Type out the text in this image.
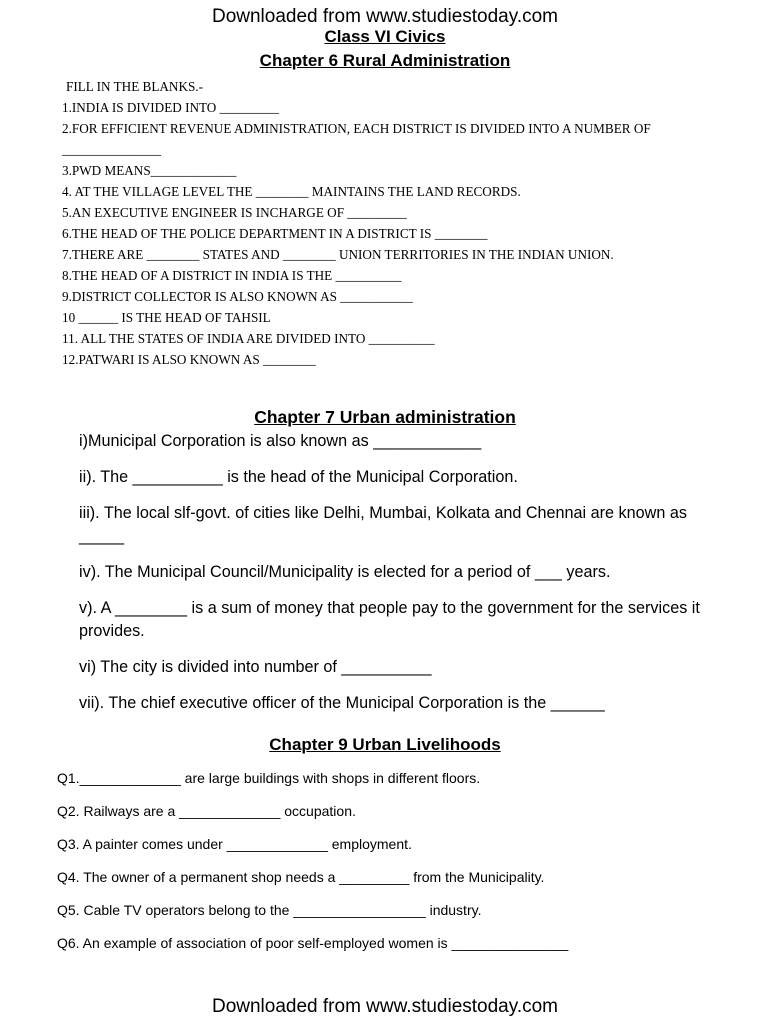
Downloaded from www.studiestoday.com
Class VI Civics
Chapter 6 Rural Administration
FILL IN THE BLANKS.-
1.INDIA IS DIVIDED INTO _________
2.FOR EFFICIENT REVENUE ADMINISTRATION, EACH DISTRICT IS DIVIDED INTO A NUMBER OF
_______________
3.PWD MEANS_____________
4. AT THE VILLAGE LEVEL THE ________ MAINTAINS THE LAND RECORDS.
5.AN EXECUTIVE ENGINEER IS INCHARGE OF _________
6.THE HEAD OF THE POLICE DEPARTMENT IN A DISTRICT IS ________
7.THERE ARE ________ STATES AND ________ UNION TERRITORIES IN THE INDIAN UNION.
8.THE HEAD OF A DISTRICT IN INDIA IS THE __________
9.DISTRICT COLLECTOR IS ALSO KNOWN AS ___________
10 ______ IS THE HEAD OF TAHSIL
11. ALL THE STATES OF INDIA ARE DIVIDED INTO __________
12.PATWARI IS ALSO KNOWN AS ________
Chapter 7 Urban administration
i)Municipal Corporation is also known as ____________
ii). The __________ is the head of the Municipal Corporation.
iii). The local slf-govt. of cities like Delhi, Mumbai, Kolkata and Chennai are known as _____
iv). The Municipal Council/Municipality is elected for a period of ___ years.
v). A ________ is a sum of money that people pay to the government for the services it provides.
vi) The city is divided into number of __________
vii). The chief executive officer of the Municipal Corporation is the ______
Chapter 9 Urban Livelihoods
Q1._____________ are large buildings with shops in different floors.
Q2. Railways are a _____________ occupation.
Q3. A painter comes under _____________ employment.
Q4. The owner of a permanent shop needs a _________ from the Municipality.
Q5. Cable TV operators belong to the _________________ industry.
Q6. An example of association of poor self-employed women is _______________
Downloaded from www.studiestoday.com
